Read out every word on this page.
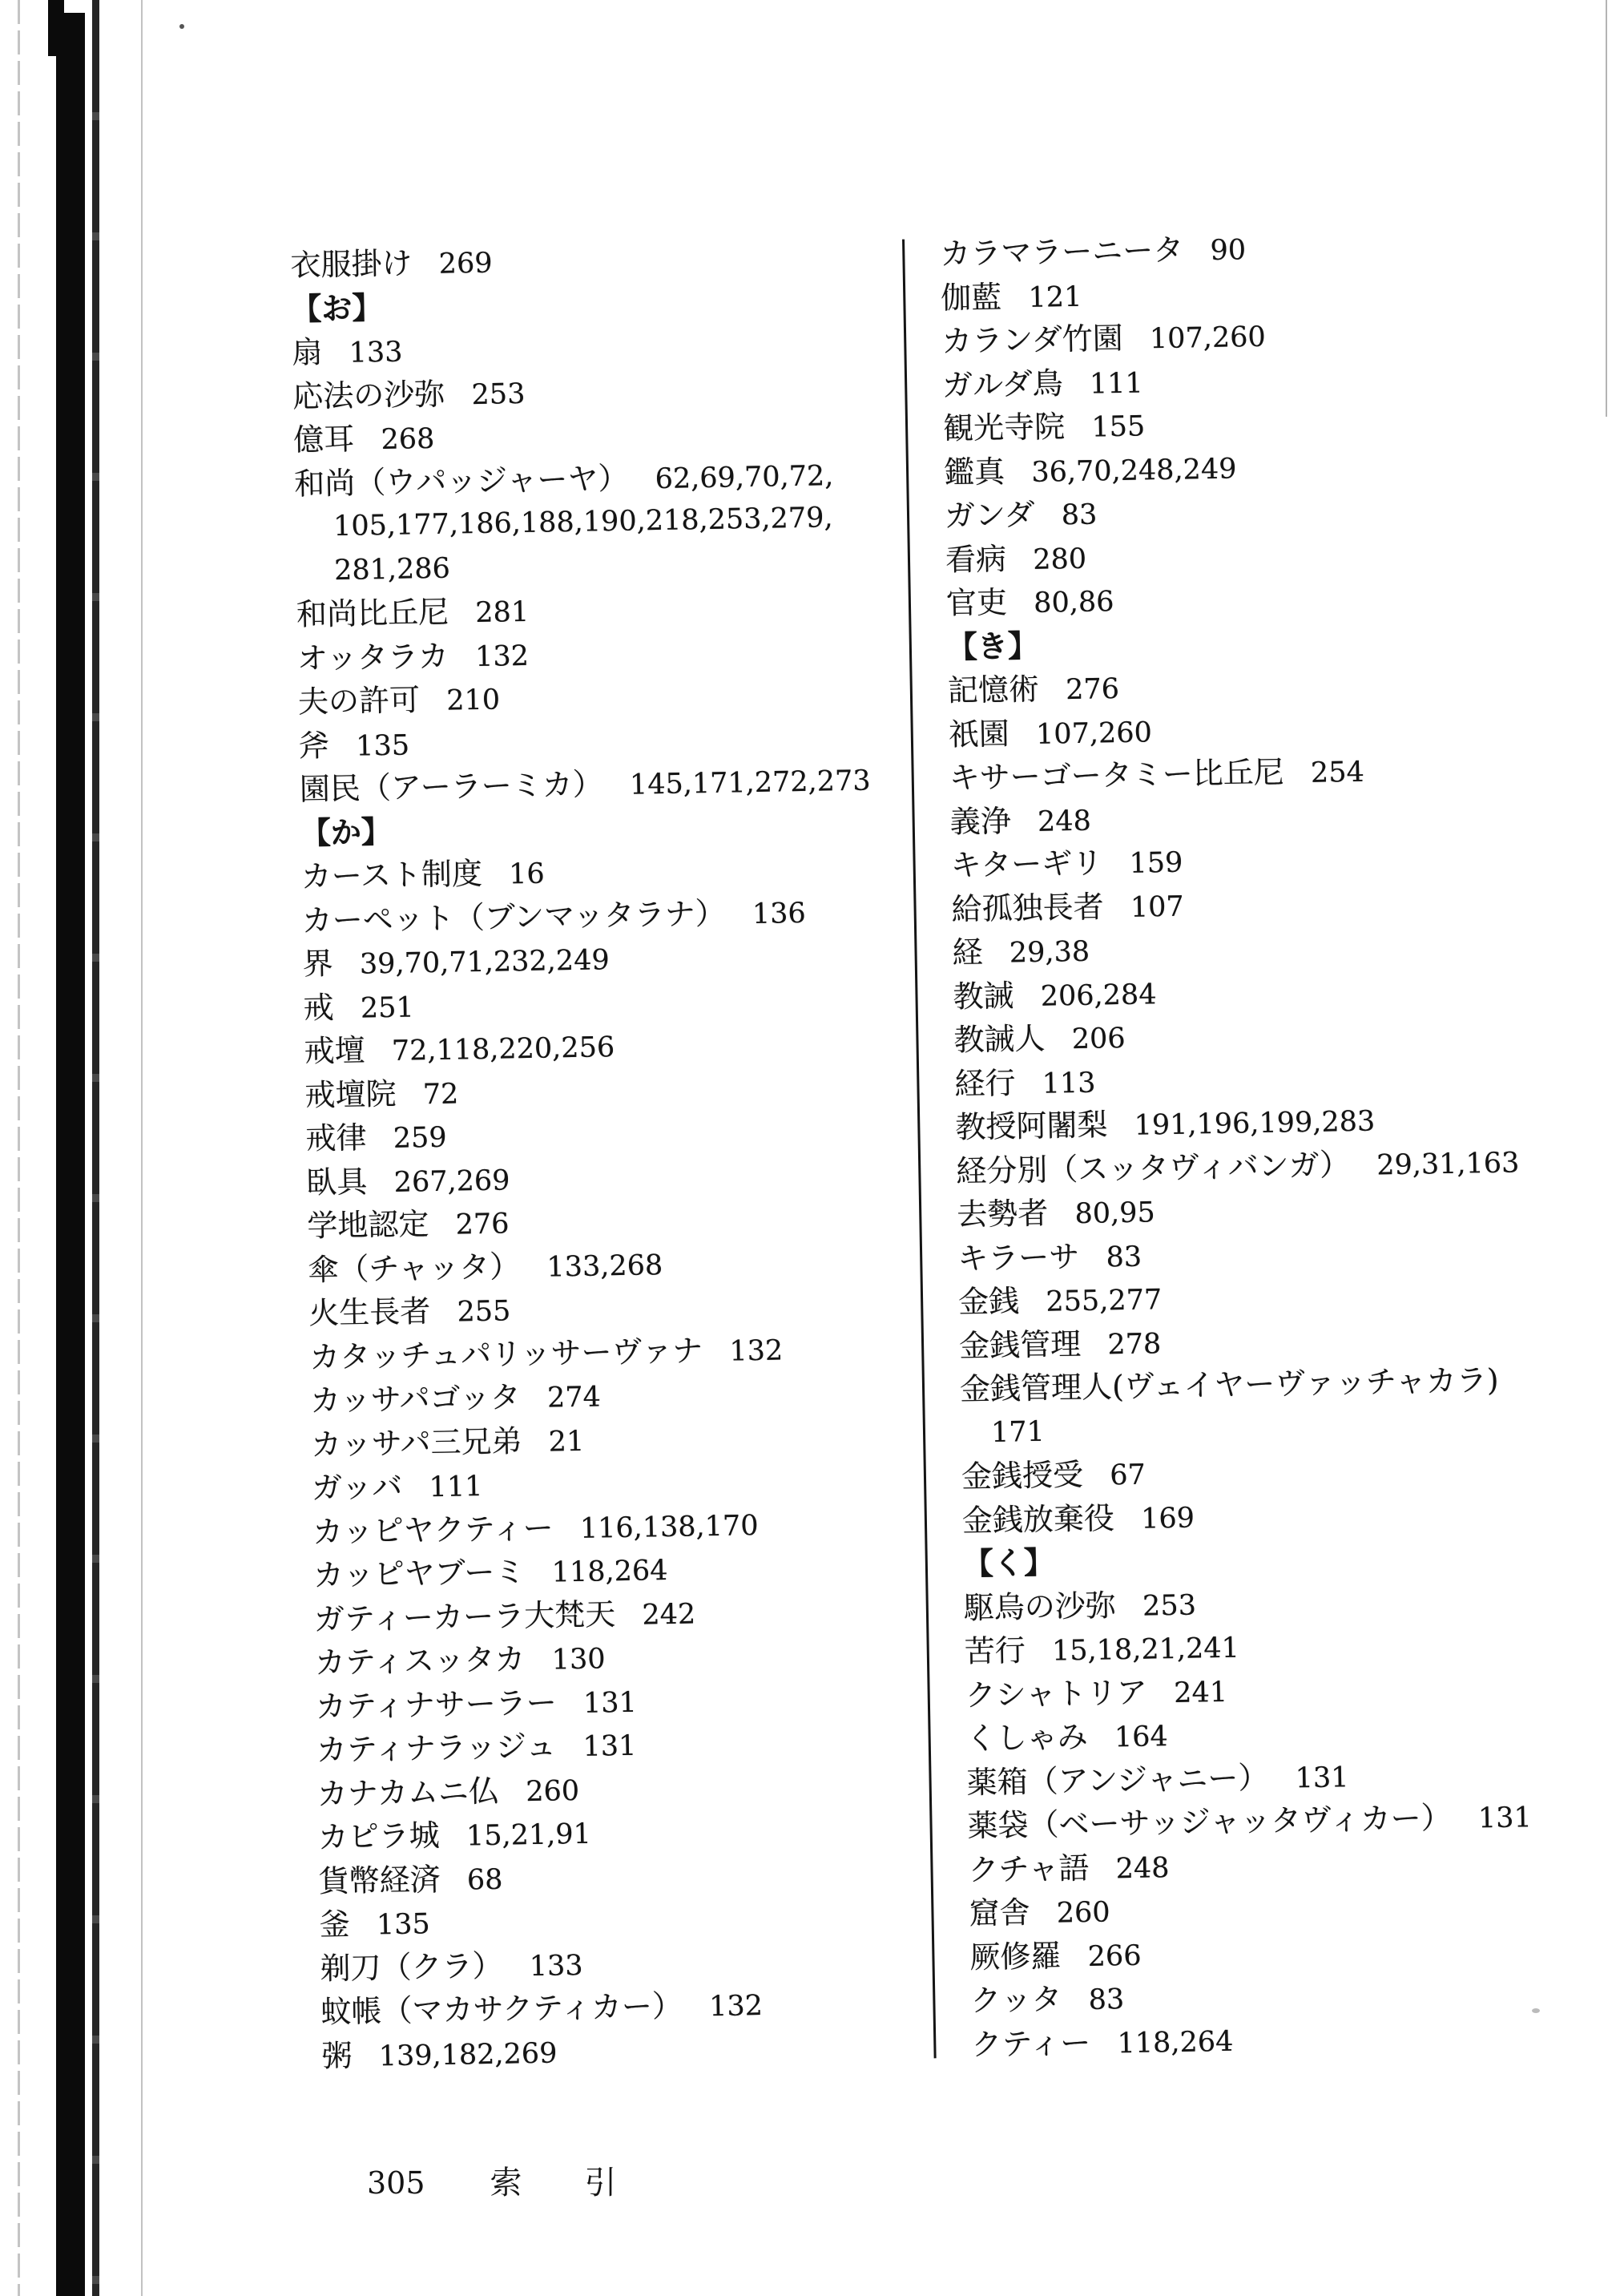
衣服掛け 269
【お】
扇 133
応法の沙弥 253
億耳 268
和尚（ウパッジャーヤ） 62,69,70,72,
105,177,186,188,190,218,253,279,
281,286
和尚比丘尼 281
オッタラカ 132
夫の許可 210
斧 135
園民（アーラーミカ） 145,171,272,273
【か】
カースト制度 16
カーペット（ブンマッタラナ） 136
界 39,70,71,232,249
戒 251
戒壇 72,118,220,256
戒壇院 72
戒律 259
臥具 267,269
学地認定 276
傘（チャッタ） 133,268
火生長者 255
カタッチュパリッサーヴァナ 132
カッサパゴッタ 274
カッサパ三兄弟 21
ガッバ 111
カッピヤクティー 116,138,170
カッピヤブーミ 118,264
ガティーカーラ大梵天 242
カティスッタカ 130
カティナサーラー 131
カティナラッジュ 131
カナカムニ仏 260
カピラ城 15,21,91
貨幣経済 68
釜 135
剃刀（クラ） 133
蚊帳（マカサクティカー） 132
粥 139,182,269
カラマラーニータ 90
伽藍 121
カランダ竹園 107,260
ガルダ鳥 111
観光寺院 155
鑑真 36,70,248,249
ガンダ 83
看病 280
官吏 80,86
【き】
記憶術 276
祇園 107,260
キサーゴータミー比丘尼 254
義浄 248
キターギリ 159
給孤独長者 107
経 29,38
教誡 206,284
教誡人 206
経行 113
教授阿闍梨 191,196,199,283
経分別（スッタヴィバンガ） 29,31,163
去勢者 80,95
キラーサ 83
金銭 255,277
金銭管理 278
金銭管理人(ヴェイヤーヴァッチャカラ)
171
金銭授受 67
金銭放棄役 169
【く】
駆烏の沙弥 253
苦行 15,18,21,241
クシャトリア 241
くしゃみ 164
薬箱（アンジャニー） 131
薬袋（ベーサッジャッタヴィカー） 131
クチャ語 248
窟舎 260
厥修羅 266
クッタ 83
クティー 118,264
305 索　引
